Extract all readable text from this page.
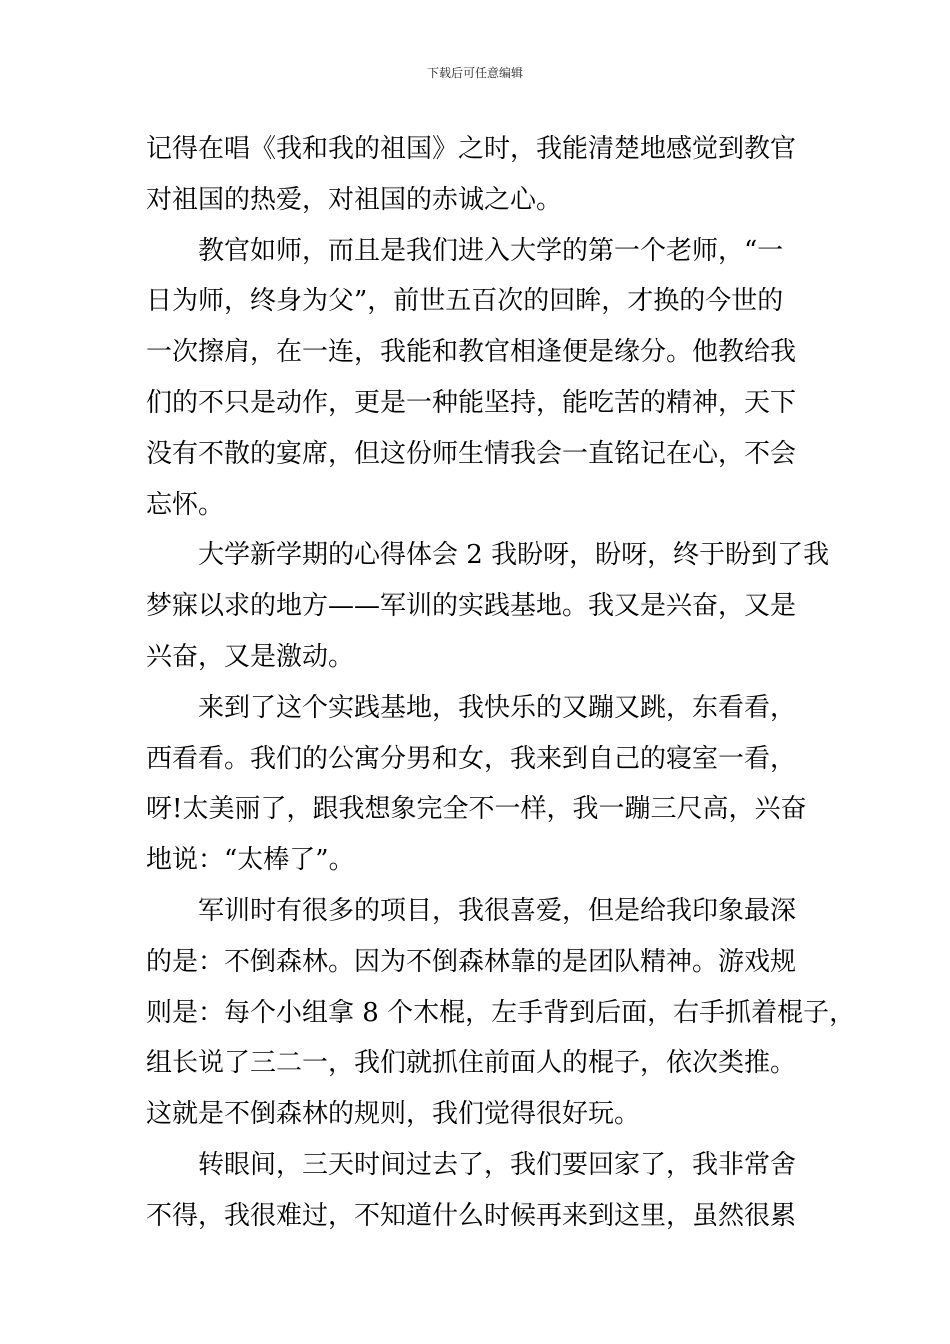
下载后可任意编辑
记得在唱《我和我的祖国》之时，我能清楚地感觉到教官
对祖国的热爱，对祖国的赤诚之心。
教官如师，而且是我们进入大学的第一个老师，“一
日为师，终身为父”，前世五百次的回眸，才换的今世的
一次擦肩，在一连，我能和教官相逢便是缘分。他教给我
们的不只是动作，更是一种能坚持，能吃苦的精神，天下
没有不散的宴席，但这份师生情我会一直铭记在心，不会
忘怀。
大学新学期的心得体会 2 我盼呀，盼呀，终于盼到了我
梦寐以求的地方——军训的实践基地。我又是兴奋，又是
兴奋，又是激动。
来到了这个实践基地，我快乐的又蹦又跳，东看看，
西看看。我们的公寓分男和女，我来到自己的寝室一看，
呀!太美丽了，跟我想象完全不一样，我一蹦三尺高，兴奋
地说：“太棒了”。
军训时有很多的项目，我很喜爱，但是给我印象最深
的是：不倒森林。因为不倒森林靠的是团队精神。游戏规
则是：每个小组拿 8 个木棍，左手背到后面，右手抓着棍子，
组长说了三二一，我们就抓住前面人的棍子，依次类推。
这就是不倒森林的规则，我们觉得很好玩。
转眼间，三天时间过去了，我们要回家了，我非常舍
不得，我很难过，不知道什么时候再来到这里，虽然很累
